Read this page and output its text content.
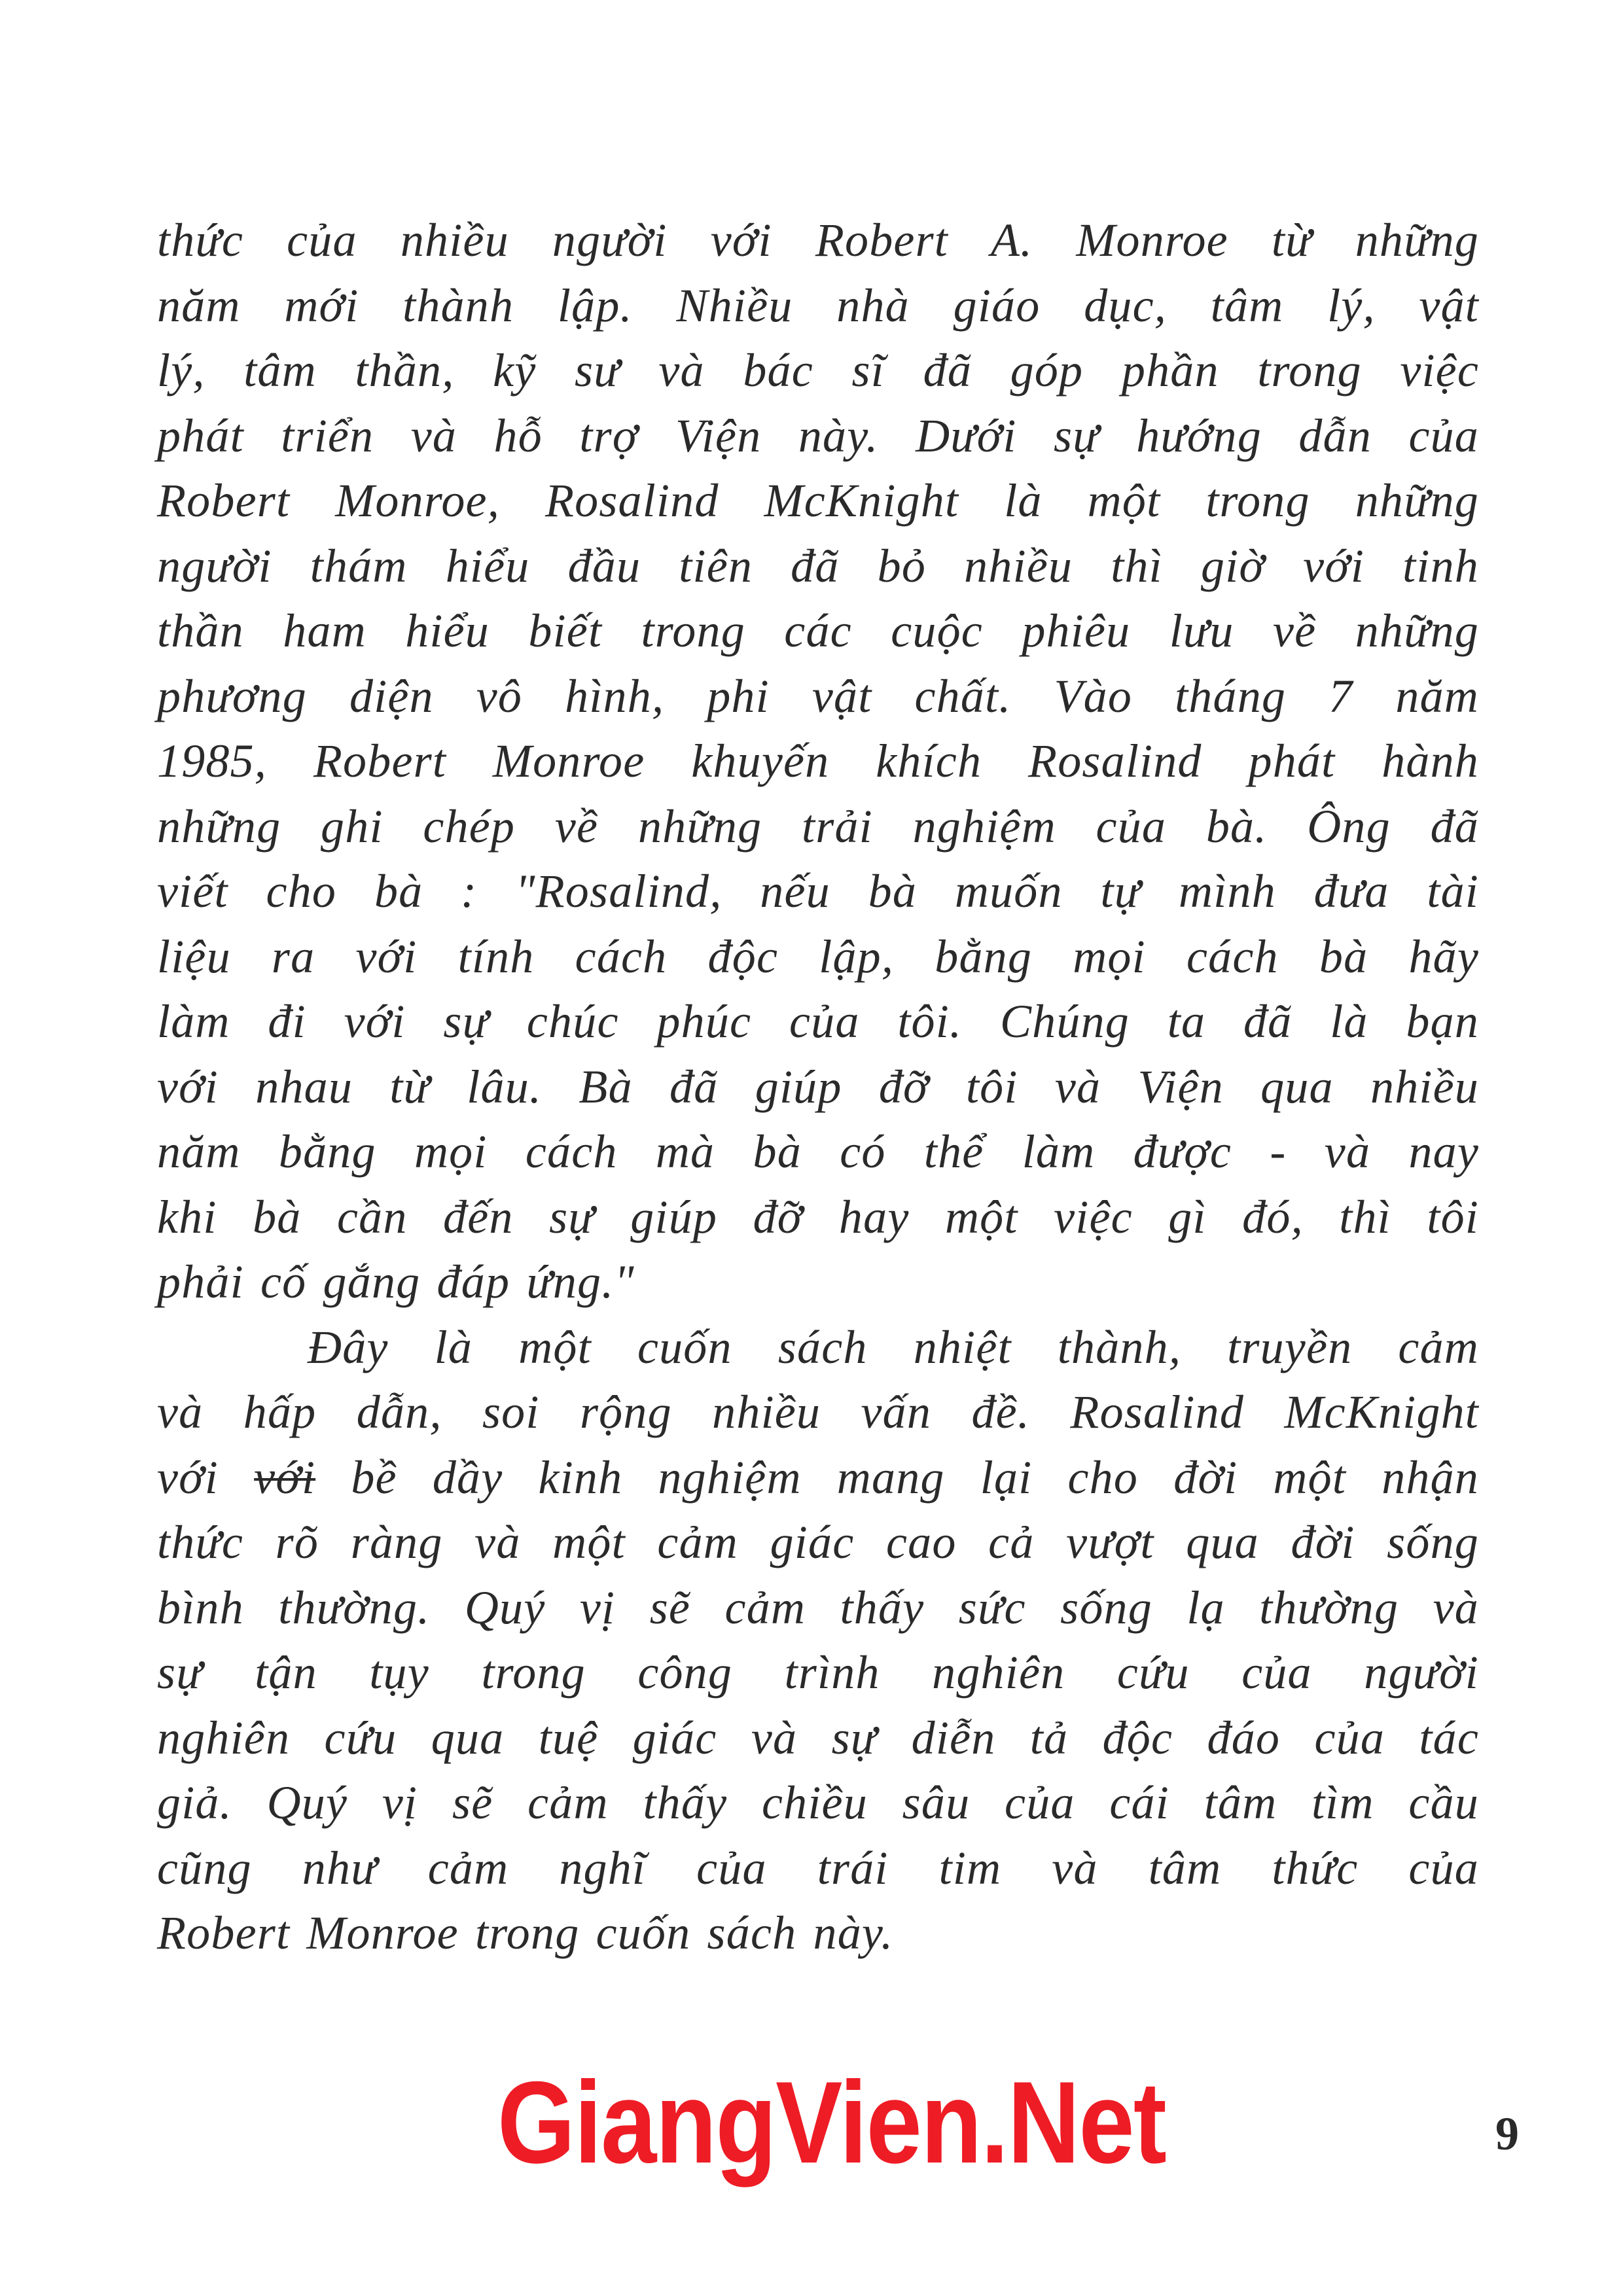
thức của nhiều người với Robert A. Monroe từ những
năm mới thành lập. Nhiều nhà giáo dục, tâm lý, vật
lý, tâm thần, kỹ sư và bác sĩ đã góp phần trong việc
phát triển và hỗ trợ Viện này. Dưới sự hướng dẫn của
Robert Monroe, Rosalind McKnight là một trong những
người thám hiểu đầu tiên đã bỏ nhiều thì giờ với tinh
thần ham hiểu biết trong các cuộc phiêu lưu về những
phương diện vô hình, phi vật chất. Vào tháng 7 năm
1985, Robert Monroe khuyến khích Rosalind phát hành
những ghi chép về những trải nghiệm của bà. Ông đã
viết cho bà : "Rosalind, nếu bà muốn tự mình đưa tài
liệu ra với tính cách độc lập, bằng mọi cách bà hãy
làm đi với sự chúc phúc của tôi. Chúng ta đã là bạn
với nhau từ lâu. Bà đã giúp đỡ tôi và Viện qua nhiều
năm bằng mọi cách mà bà có thể làm được - và nay
khi bà cần đến sự giúp đỡ hay một việc gì đó, thì tôi
phải cố gắng đáp ứng."
Đây là một cuốn sách nhiệt thành, truyền cảm
và hấp dẫn, soi rộng nhiều vấn đề. Rosalind McKnight
với với bề dầy kinh nghiệm mang lại cho đời một nhận
thức rõ ràng và một cảm giác cao cả vượt qua đời sống
bình thường. Quý vị sẽ cảm thấy sức sống lạ thường và
sự tận tụy trong công trình nghiên cứu của người
nghiên cứu qua tuệ giác và sự diễn tả độc đáo của tác
giả. Quý vị sẽ cảm thấy chiều sâu của cái tâm tìm cầu
cũng như cảm nghĩ của trái tim và tâm thức của
Robert Monroe trong cuốn sách này.
GiangVien.Net	9
